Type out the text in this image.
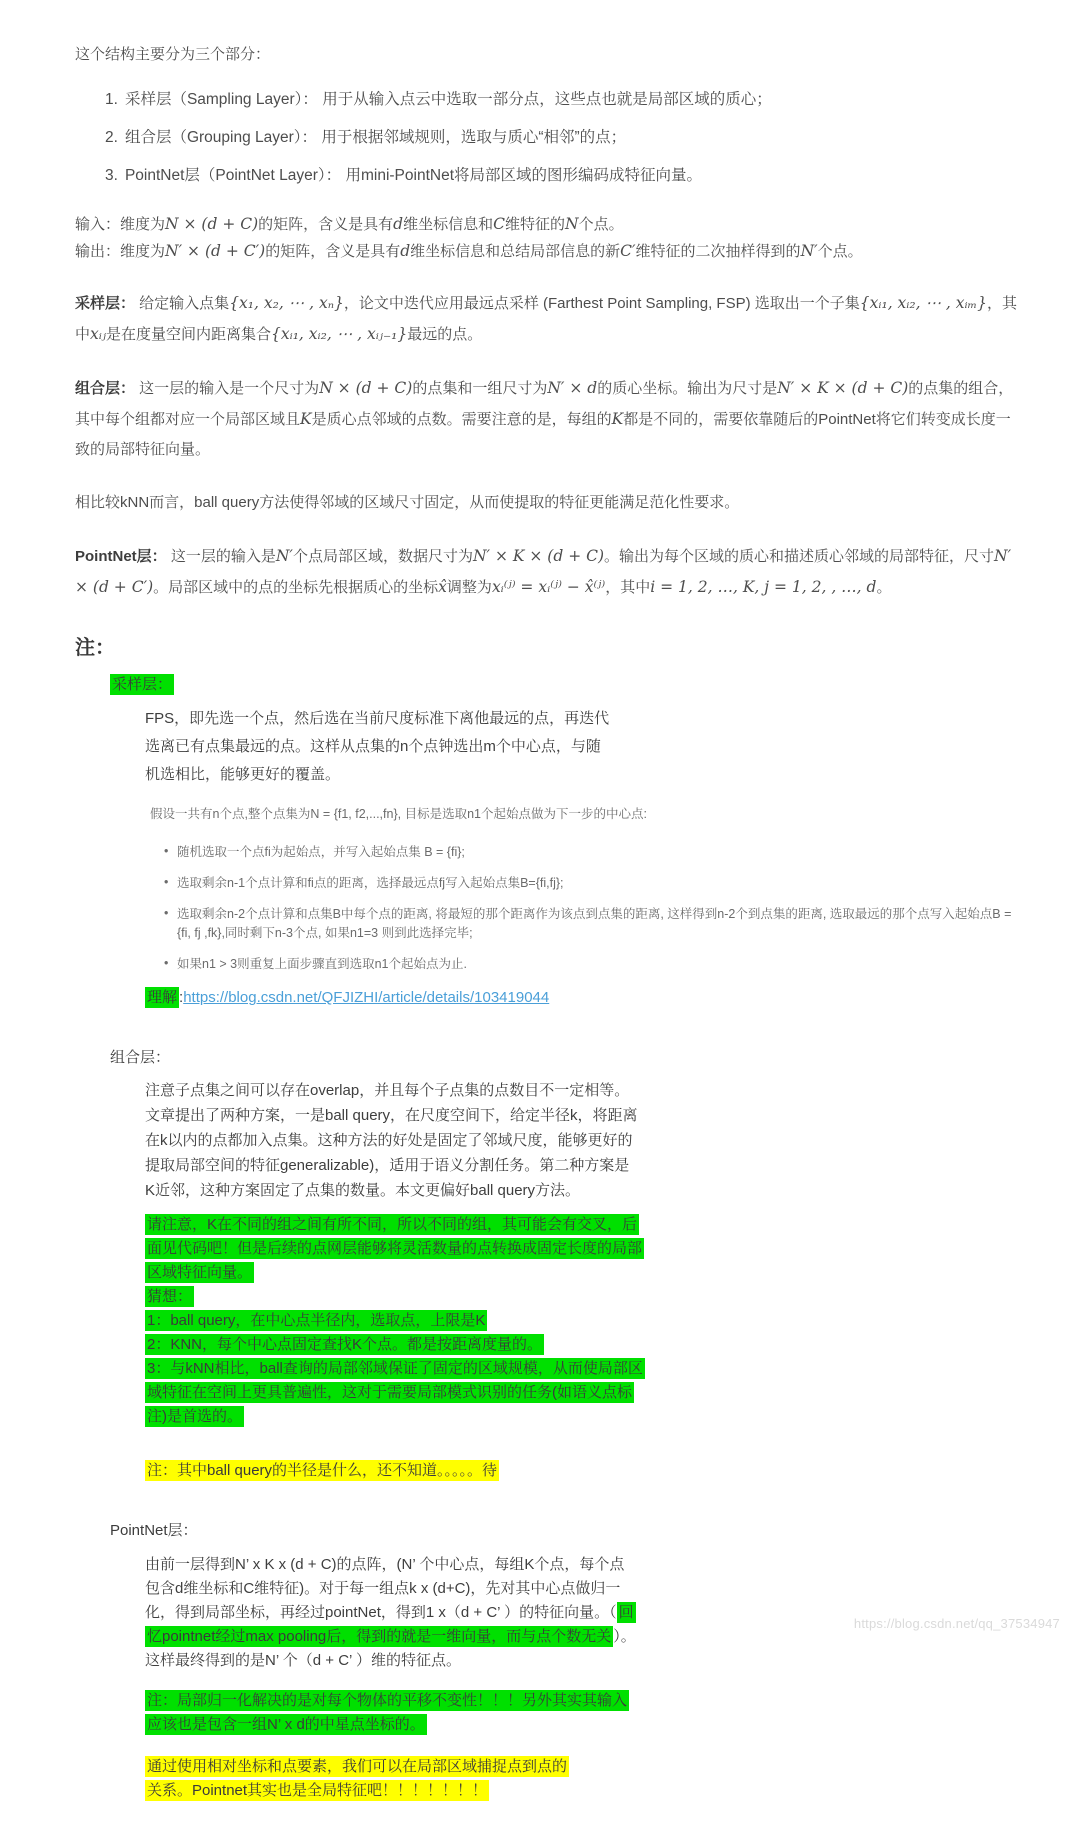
这个结构主要分为三个部分：

1. 采样层（Sampling Layer）： 用于从输入点云中选取一部分点，这些点也就是局部区域的质心；
2. 组合层（Grouping Layer）： 用于根据邻域规则，选取与质心“相邻”的点；
3. PointNet层（PointNet Layer）： 用mini-PointNet将局部区域的图形编码成特征向量。

输入：维度为N × (d + C)的矩阵，含义是具有d维坐标信息和C维特征的N个点。

输出：维度为N′ × (d + C′)的矩阵，含义是具有d维坐标信息和总结局部信息的新C′维特征的二次抽样得到的N′个点。

采样层： 给定输入点集{x₁, x₂, ⋯ , xₙ}，论文中迭代应用最远点采样 (Farthest Point Sampling, FSP) 选取出一个子集{xᵢ₁, xᵢ₂, ⋯ , xᵢₘ}，其中xᵢⱼ是在度量空间内距离集合{xᵢ₁, xᵢ₂, ⋯ , xᵢⱼ₋₁}最远的点。

组合层： 这一层的输入是一个尺寸为N × (d + C)的点集和一组尺寸为N′ × d的质心坐标。输出为尺寸是N′ × K × (d + C)的点集的组合，其中每个组都对应一个局部区域且K是质心点邻域的点数。需要注意的是，每组的K都是不同的，需要依靠随后的PointNet将它们转变成长度一致的局部特征向量。

相比较kNN而言，ball query方法使得邻域的区域尺寸固定，从而使提取的特征更能满足范化性要求。

PointNet层： 这一层的输入是N′个点局部区域，数据尺寸为N′ × K × (d + C)。输出为每个区域的质心和描述质心邻域的局部特征，尺寸N′ × (d + C′)。局部区域中的点的坐标先根据质心的坐标x̂调整为xᵢ⁽ʲ⁾ = xᵢ⁽ʲ⁾ − x̂⁽ʲ⁾，其中i = 1, 2, …, K, j = 1, 2, , …, d。

注：

采样层：

FPS，即先选一个点，然后选在当前尺度标准下离他最远的点，再迭代选离已有点集最远的点。这样从点集的n个点钟选出m个中心点，与随机选相比，能够更好的覆盖。

假设一共有n个点,整个点集为N = {f1, f2,...,fn}, 目标是选取n1个起始点做为下一步的中心点:

• 随机选取一个点fi为起始点，并写入起始点集 B = {fi};
• 选取剩余n-1个点计算和fi点的距离，选择最远点fj写入起始点集B={fi,fj};
• 选取剩余n-2个点计算和点集B中每个点的距离, 将最短的那个距离作为该点到点集的距离, 这样得到n-2个到点集的距离, 选取最远的那个点写入起始点B = {fi, fj ,fk},同时剩下n-3个点, 如果n1=3 则到此选择完毕;
• 如果n1 > 3则重复上面步骤直到选取n1个起始点为止.

理解 :https://blog.csdn.net/QFJIZHI/article/details/103419044

组合层：

注意子点集之间可以存在overlap，并且每个子点集的点数目不一定相等。文章提出了两种方案，一是ball query，在尺度空间下，给定半径k，将距离在k以内的点都加入点集。这种方法的好处是固定了邻域尺度，能够更好的提取局部空间的特征generalizable)，适用于语义分割任务。第二种方案是K近邻，这种方案固定了点集的数量。本文更偏好ball query方法。

请注意，K在不同的组之间有所不同，所以不同的组，其可能会有交叉，后面见代码吧！但是后续的点网层能够将灵活数量的点转换成固定长度的局部区域特征向量。

猜想：

1：ball query，在中心点半径内，选取点，上限是K

2：KNN，每个中心点固定查找K个点。都是按距离度量的。

3：与kNN相比，ball查询的局部邻域保证了固定的区域规模，从而使局部区域特征在空间上更具普遍性，这对于需要局部模式识别的任务(如语义点标注)是首选的。

注：其中ball query的半径是什么，还不知道。。。。。待

PointNet层：

由前一层得到N’ x K x (d + C)的点阵，(N’ 个中心点，每组K个点，每个点包含d维坐标和C维特征)。对于每一组点k x (d+C)，先对其中心点做归一化，得到局部坐标，再经过pointNet，得到1 x（d + C’ ）的特征向量。（ 回忆pointnet经过max pooling后，得到的就是一维向量，而与点个数无关 ）。这样最终得到的是N’ 个（d + C’ ）维的特征点。

注：局部归一化解决的是对每个物体的平移不变性！！！另外其实其输入应该也是包含一组N’ x d的中星点坐标的。

通过使用相对坐标和点要素，我们可以在局部区域捕捉点到点的关系。Pointnet其实也是全局特征吧！！！！！！！

https://blog.csdn.net/qq_37534947
